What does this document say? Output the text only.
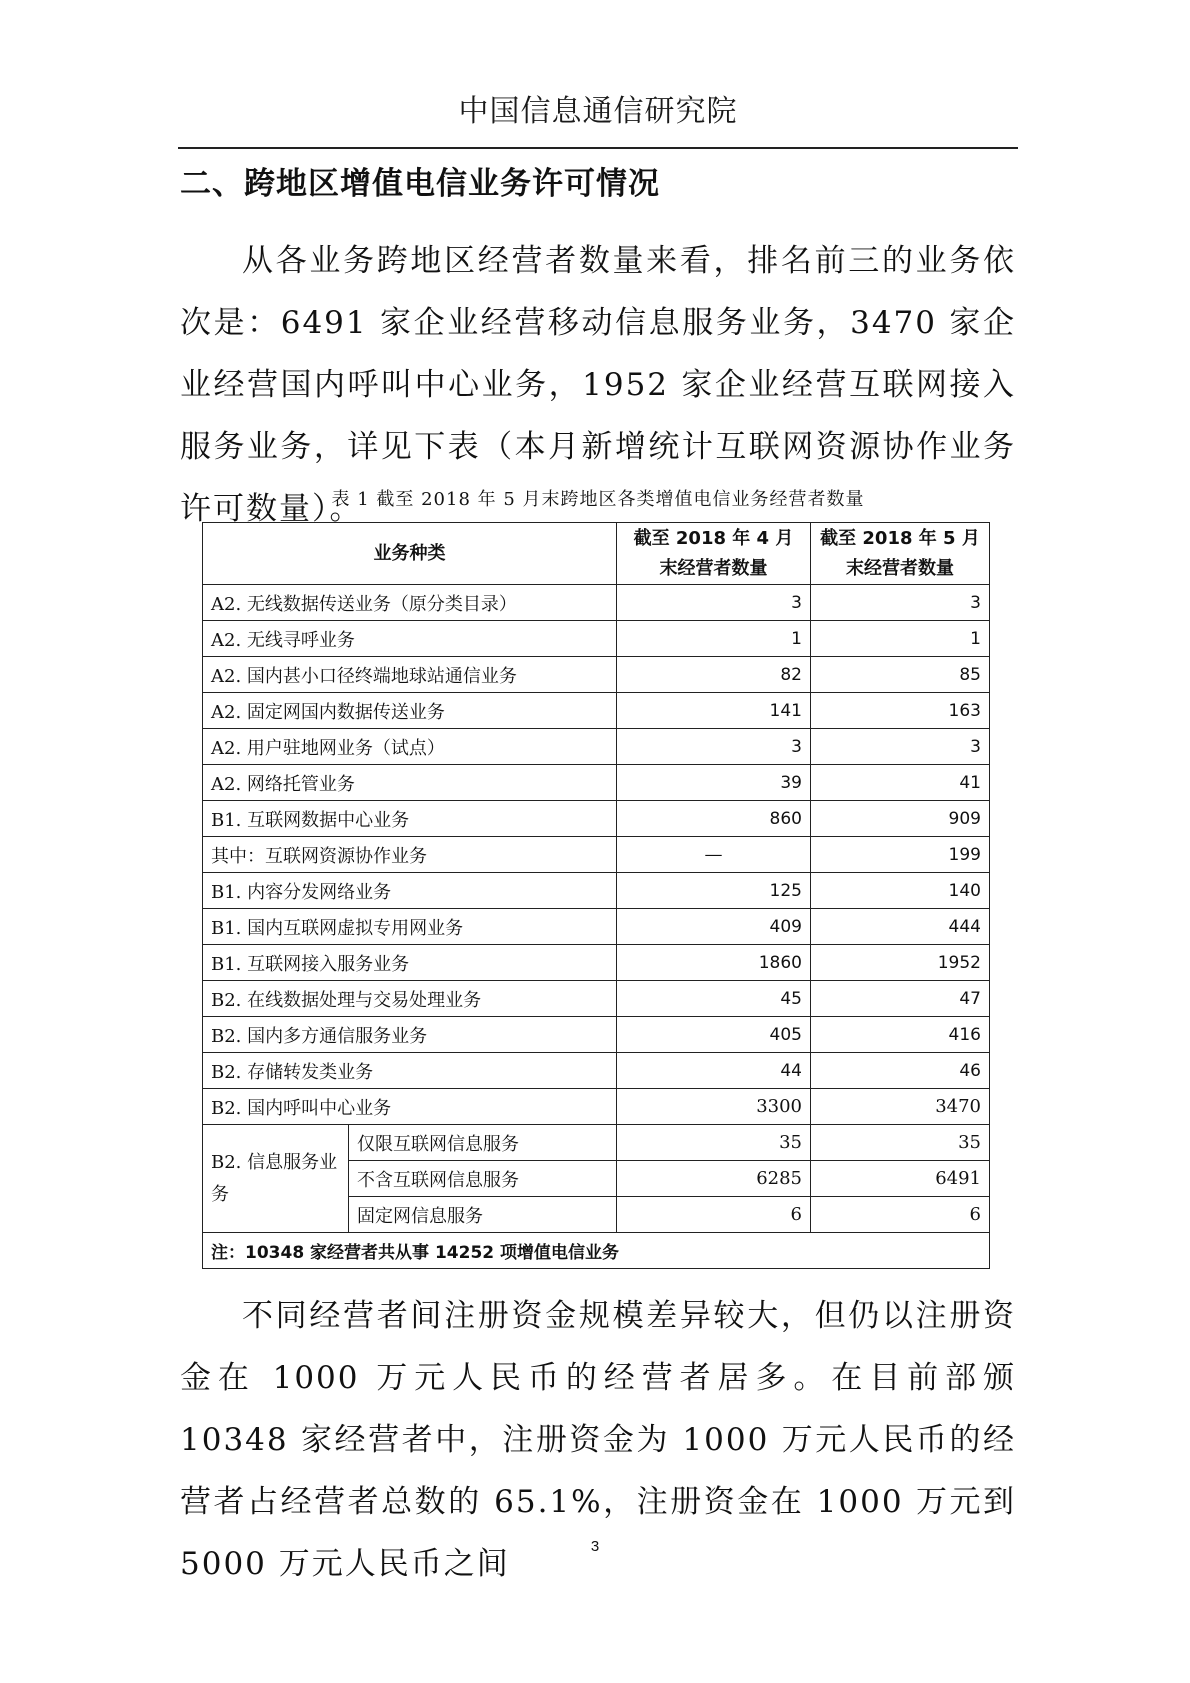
中国信息通信研究院
二、跨地区增值电信业务许可情况

从各业务跨地区经营者数量来看，排名前三的业务依次是：6491 家企业经营移动信息服务业务，3470 家企业经营国内呼叫中心业务，1952 家企业经营互联网接入服务业务，详见下表（本月新增统计互联网资源协作业务许可数量）。

表 1 截至 2018 年 5 月末跨地区各类增值电信业务经营者数量
业务种类		截至 2018 年 4 月末经营者数量	截至 2018 年 5 月末经营者数量
A2. 无线数据传送业务（原分类目录）		3	3
A2. 无线寻呼业务		1	1
A2. 国内甚小口径终端地球站通信业务		82	85
A2. 固定网国内数据传送业务		141	163
A2. 用户驻地网业务（试点）		3	3
A2. 网络托管业务		39	41
B1. 互联网数据中心业务		860	909
其中：互联网资源协作业务		—	199
B1. 内容分发网络业务		125	140
B1. 国内互联网虚拟专用网业务		409	444
B1. 互联网接入服务业务		1860	1952
B2. 在线数据处理与交易处理业务		45	47
B2. 国内多方通信服务业务		405	416
B2. 存储转发类业务		44	46
B2. 国内呼叫中心业务		3300	3470
B2. 信息服务业务	仅限互联网信息服务	35	35
	不含互联网信息服务	6285	6491
	固定网信息服务	6	6
注：10348 家经营者共从事 14252 项增值电信业务			

不同经营者间注册资金规模差异较大，但仍以注册资金在 1000 万元人民币的经营者居多。在目前部颁 10348 家经营者中，注册资金为 1000 万元人民币的经营者占经营者总数的 65.1%，注册资金在 1000 万元到 5000 万元人民币之间	3
